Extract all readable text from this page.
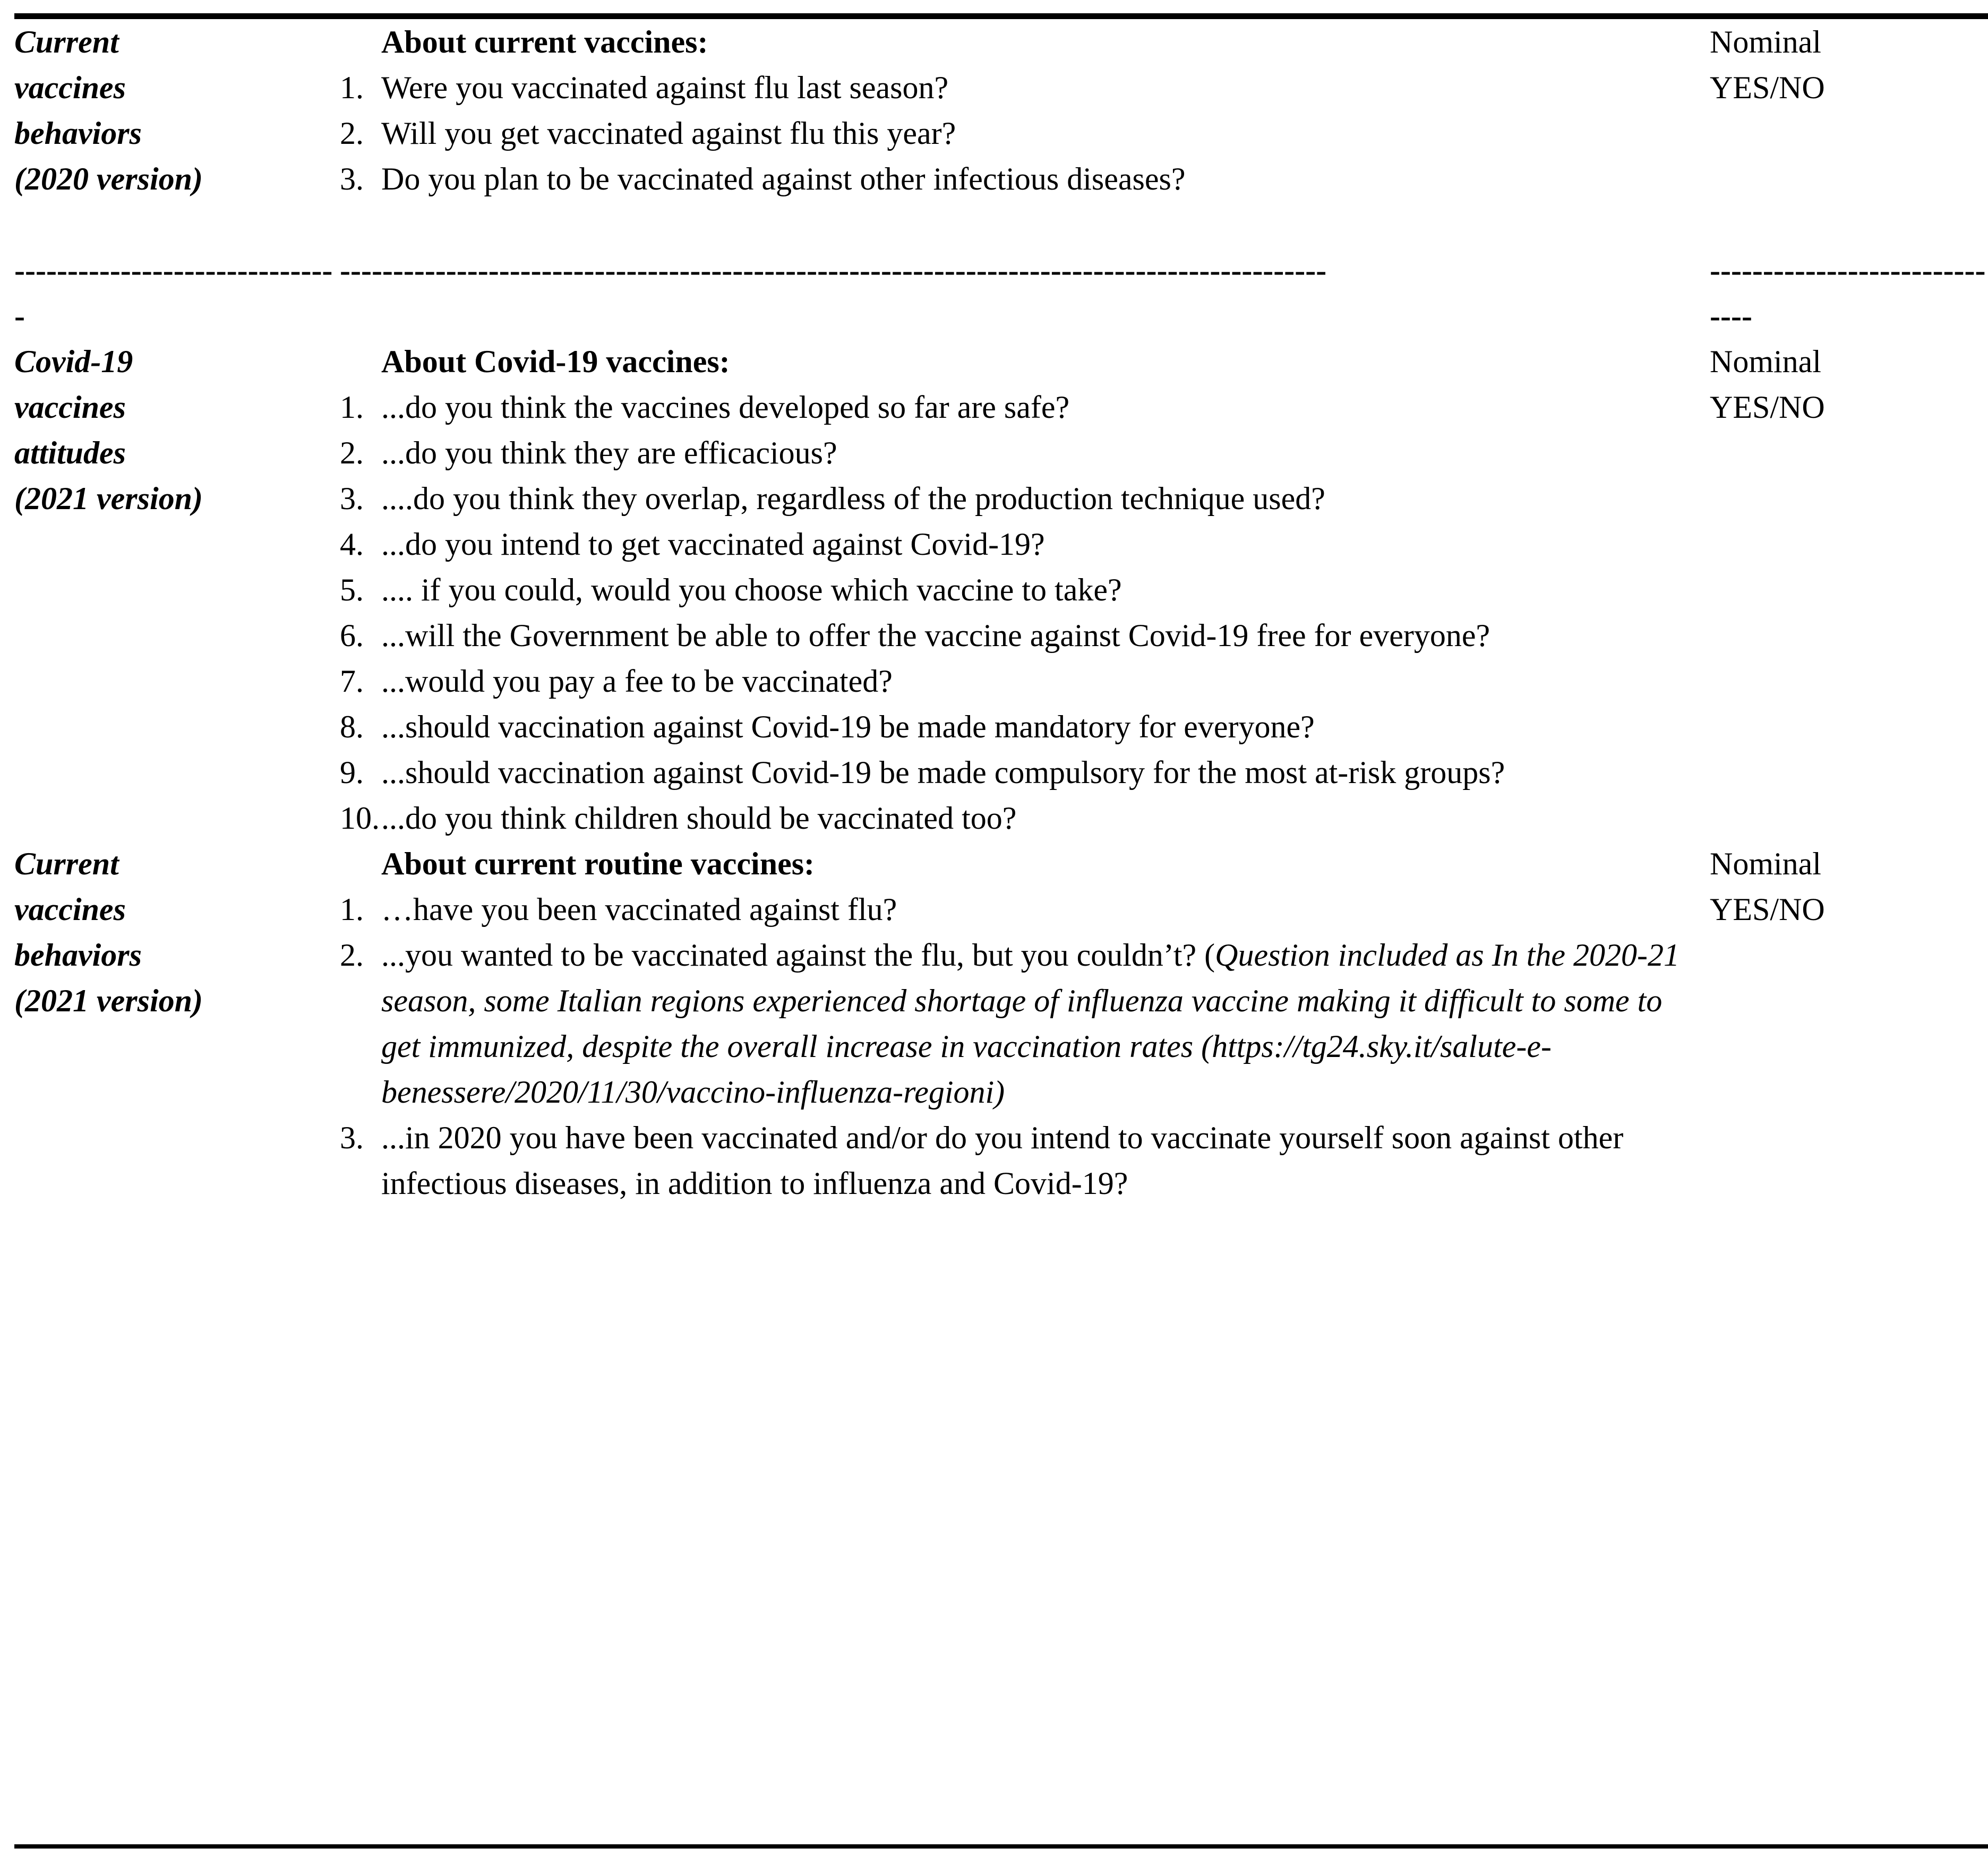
Current
vaccines
behaviors
(2020 version)
About current vaccines:
1. Were you vaccinated against flu last season?
2. Will you get vaccinated against flu this year?
3. Do you plan to be vaccinated against other infectious diseases?
Nominal
YES/NO
-------------------------------
---------------------------------------------------------------------------------------------	------------------------------
Covid-19
vaccines
attitudes
(2021 version)
About Covid-19 vaccines:
1. ...do you think the vaccines developed so far are safe?
2. ...do you think they are efficacious?
3. ....do you think they overlap, regardless of the production technique used?
4. ...do you intend to get vaccinated against Covid-19?
5. .... if you could, would you choose which vaccine to take?
6. ...will the Government be able to offer the vaccine against Covid-19 free for everyone?
7. ...would you pay a fee to be vaccinated?
8. ...should vaccination against Covid-19 be made mandatory for everyone?
9. ...should vaccination against Covid-19 be made compulsory for the most at-risk groups?
10. ...do you think children should be vaccinated too?
Nominal
YES/NO
Current
vaccines
behaviors
(2021 version)
About current routine vaccines:
1. …have you been vaccinated against flu?
2. ...you wanted to be vaccinated against the flu, but you couldn’t? (Question included as In the 2020-21 season, some Italian regions experienced shortage of influenza vaccine making it difficult to some to get immunized, despite the overall increase in vaccination rates (https://tg24.sky.it/salute-e-benessere/2020/11/30/vaccino-influenza-regioni)
3. ...in 2020 you have been vaccinated and/or do you intend to vaccinate yourself soon against other infectious diseases, in addition to influenza and Covid-19?
Nominal
YES/NO
